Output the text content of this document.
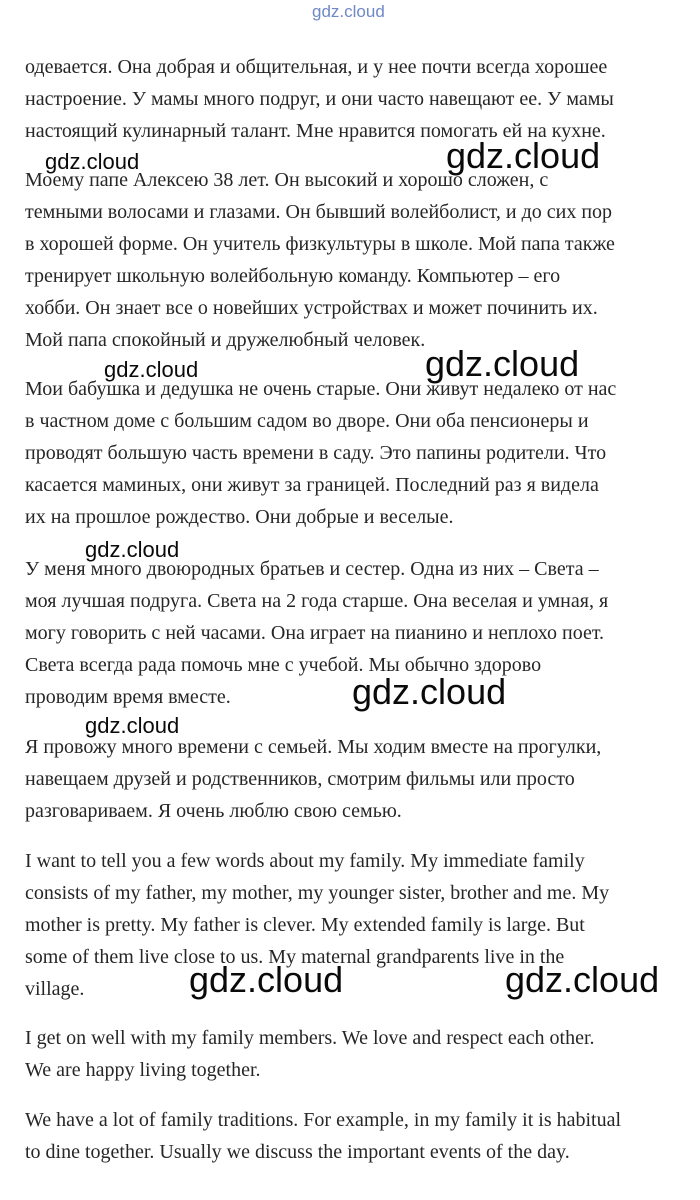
gdz.cloud

одевается. Она добрая и общительная, и у нее почти всегда хорошее
настроение. У мамы много подруг, и они часто навещают ее. У мамы
настоящий кулинарный талант. Мне нравится помогать ей на кухне.

Моему папе Алексею 38 лет. Он высокий и хорошо сложен, с
темными волосами и глазами. Он бывший волейболист, и до сих пор
в хорошей форме. Он учитель физкультуры в школе. Мой папа также
тренирует школьную волейбольную команду. Компьютер – его
хобби. Он знает все о новейших устройствах и может починить их.
Мой папа спокойный и дружелюбный человек.

Мои бабушка и дедушка не очень старые. Они живут недалеко от нас
в частном доме с большим садом во дворе. Они оба пенсионеры и
проводят большую часть времени в саду. Это папины родители. Что
касается маминых, они живут за границей. Последний раз я видела
их на прошлое рождество. Они добрые и веселые.

У меня много двоюродных братьев и сестер. Одна из них – Света –
моя лучшая подруга. Света на 2 года старше. Она веселая и умная, я
могу говорить с ней часами. Она играет на пианино и неплохо поет.
Света всегда рада помочь мне с учебой. Мы обычно здорово
проводим время вместе.

Я провожу много времени с семьей. Мы ходим вместе на прогулки,
навещаем друзей и родственников, смотрим фильмы или просто
разговариваем. Я очень люблю свою семью.

I want to tell you a few words about my family. My immediate family
consists of my father, my mother, my younger sister, brother and me. My
mother is pretty. My father is clever. My extended family is large. But
some of them live close to us. My maternal grandparents live in the
village.

I get on well with my family members. We love and respect each other.
We are happy living together.

We have a lot of family traditions. For example, in my family it is habitual
to dine together. Usually we discuss the important events of the day.

gdz.cloud	gdz.cloud
gdz.cloud	gdz.cloud
gdz.cloud
gdz.cloud
gdz.cloud
gdz.cloud	gdz.cloud
